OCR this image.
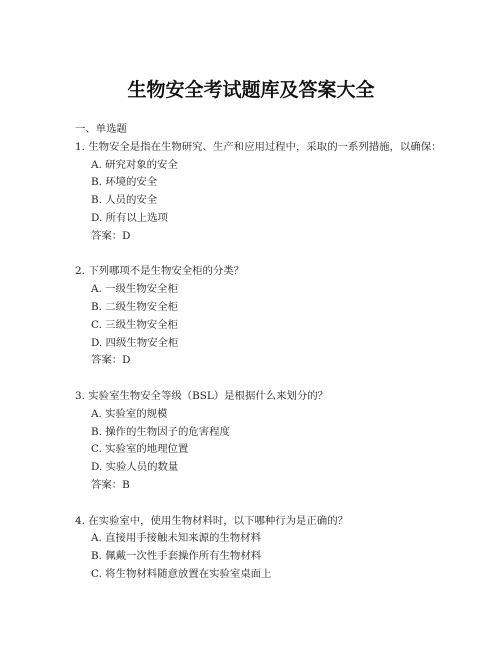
生物安全考试题库及答案大全
一、单选题
1. 生物安全是指在生物研究、生产和应用过程中，采取的一系列措施，以确保：
A. 研究对象的安全
B. 环境的安全
B. 人员的安全
D. 所有以上选项
答案：D
2. 下列哪项不是生物安全柜的分类？
A. 一级生物安全柜
B. 二级生物安全柜
C. 三级生物安全柜
D. 四级生物安全柜
答案：D
3. 实验室生物安全等级（BSL）是根据什么来划分的？
A. 实验室的规模
B. 操作的生物因子的危害程度
C. 实验室的地理位置
D. 实验人员的数量
答案：B
4. 在实验室中，使用生物材料时，以下哪种行为是正确的？
A. 直接用手接触未知来源的生物材料
B. 佩戴一次性手套操作所有生物材料
C. 将生物材料随意放置在实验室桌面上
